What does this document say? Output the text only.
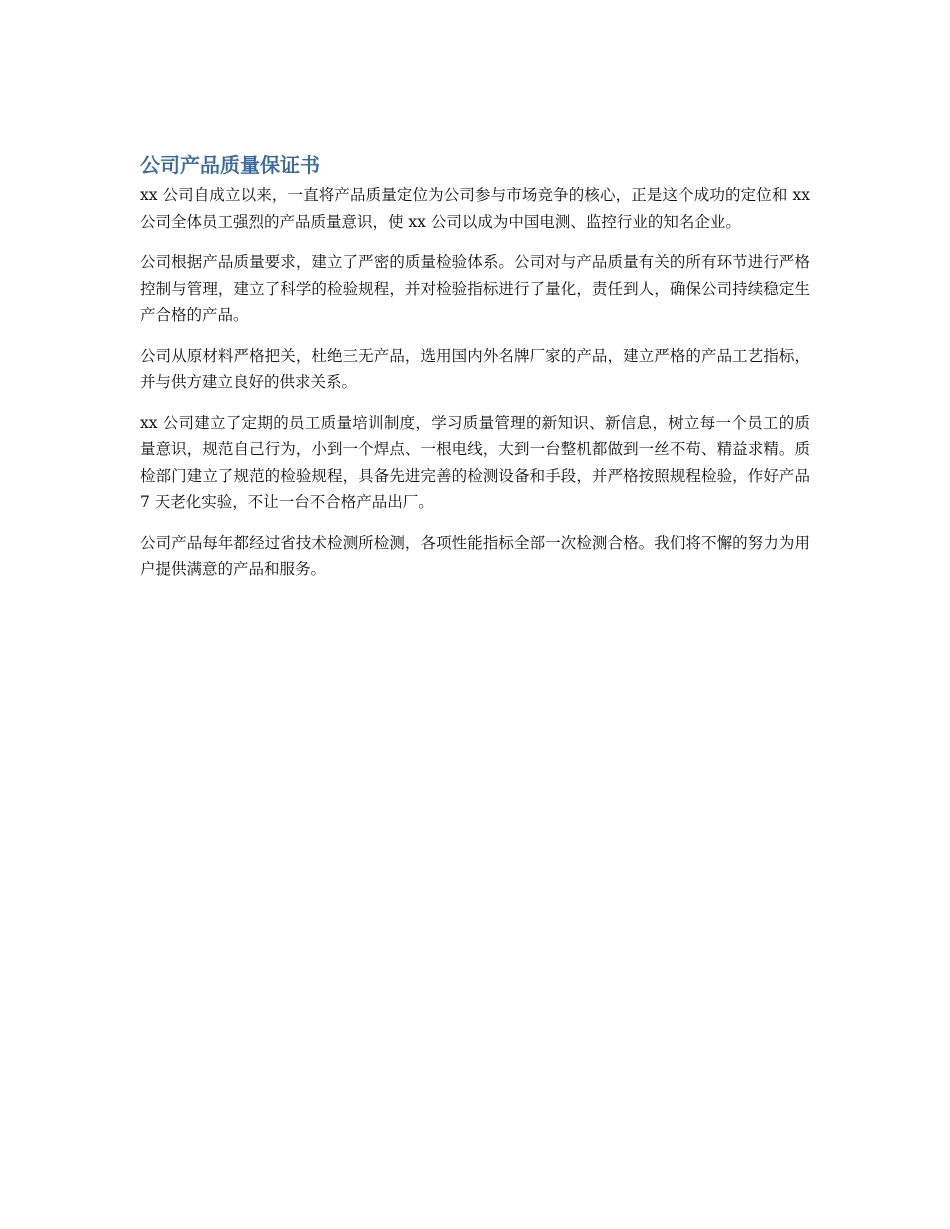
公司产品质量保证书

xx 公司自成立以来，一直将产品质量定位为公司参与市场竞争的核心，正是这个成功的定位和 xx 公司全体员工强烈的产品质量意识，使 xx 公司以成为中国电测、监控行业的知名企业。

公司根据产品质量要求，建立了严密的质量检验体系。公司对与产品质量有关的所有环节进行严格控制与管理，建立了科学的检验规程，并对检验指标进行了量化，责任到人，确保公司持续稳定生产合格的产品。

公司从原材料严格把关，杜绝三无产品，选用国内外名牌厂家的产品，建立严格的产品工艺指标，并与供方建立良好的供求关系。

xx 公司建立了定期的员工质量培训制度，学习质量管理的新知识、新信息，树立每一个员工的质量意识，规范自己行为，小到一个焊点、一根电线，大到一台整机都做到一丝不苟、精益求精。质检部门建立了规范的检验规程，具备先进完善的检测设备和手段，并严格按照规程检验，作好产品 7 天老化实验，不让一台不合格产品出厂。

公司产品每年都经过省技术检测所检测，各项性能指标全部一次检测合格。我们将不懈的努力为用户提供满意的产品和服务。
